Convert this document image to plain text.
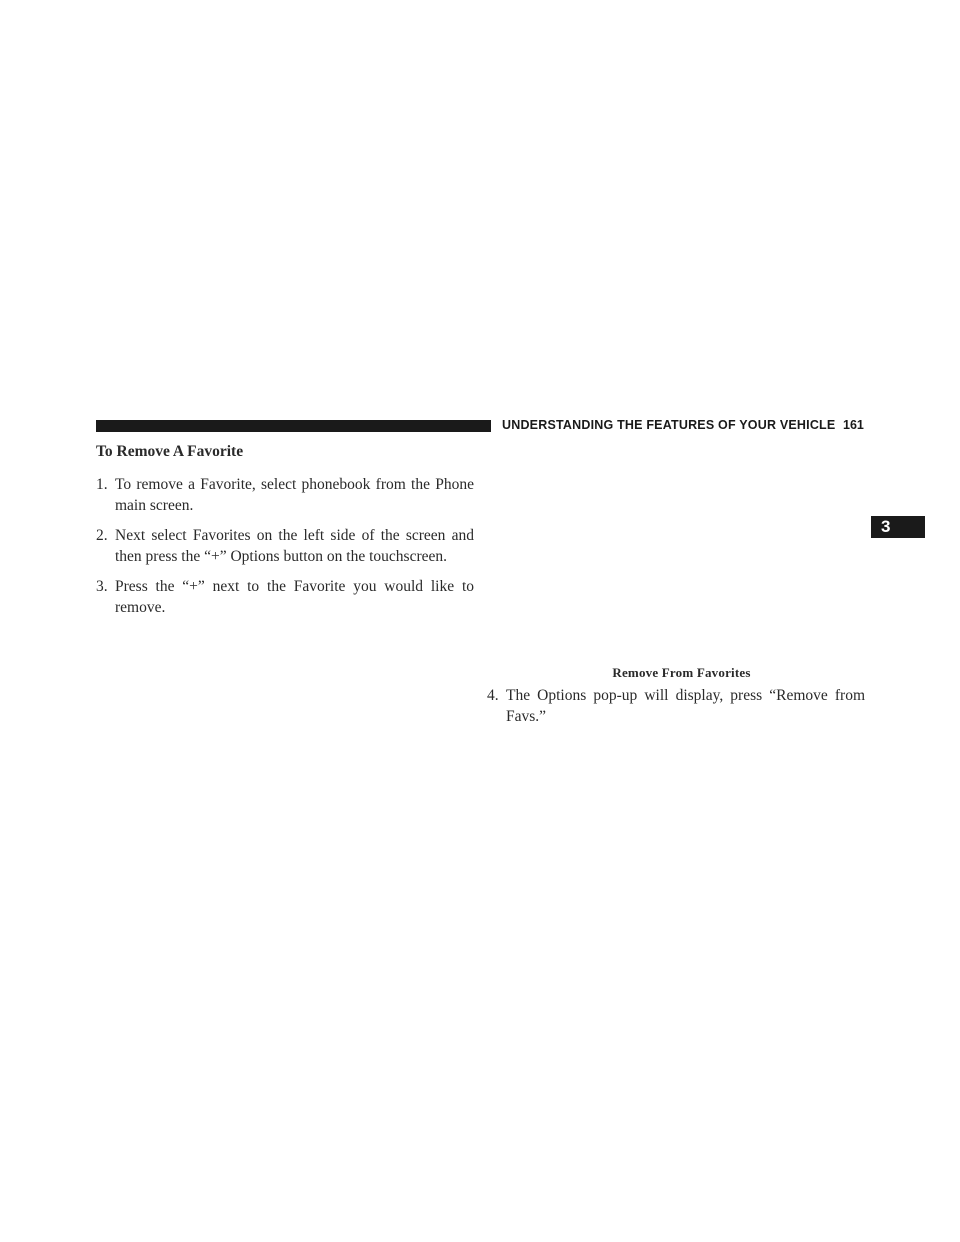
UNDERSTANDING THE FEATURES OF YOUR VEHICLE 161
3
To Remove A Favorite
1. To remove a Favorite, select phonebook from the Phone main screen.
2. Next select Favorites on the left side of the screen and then press the “+” Options button on the touchscreen.
3. Press the “+” next to the Favorite you would like to remove.
Remove From Favorites
4. The Options pop-up will display, press “Remove from Favs.”
